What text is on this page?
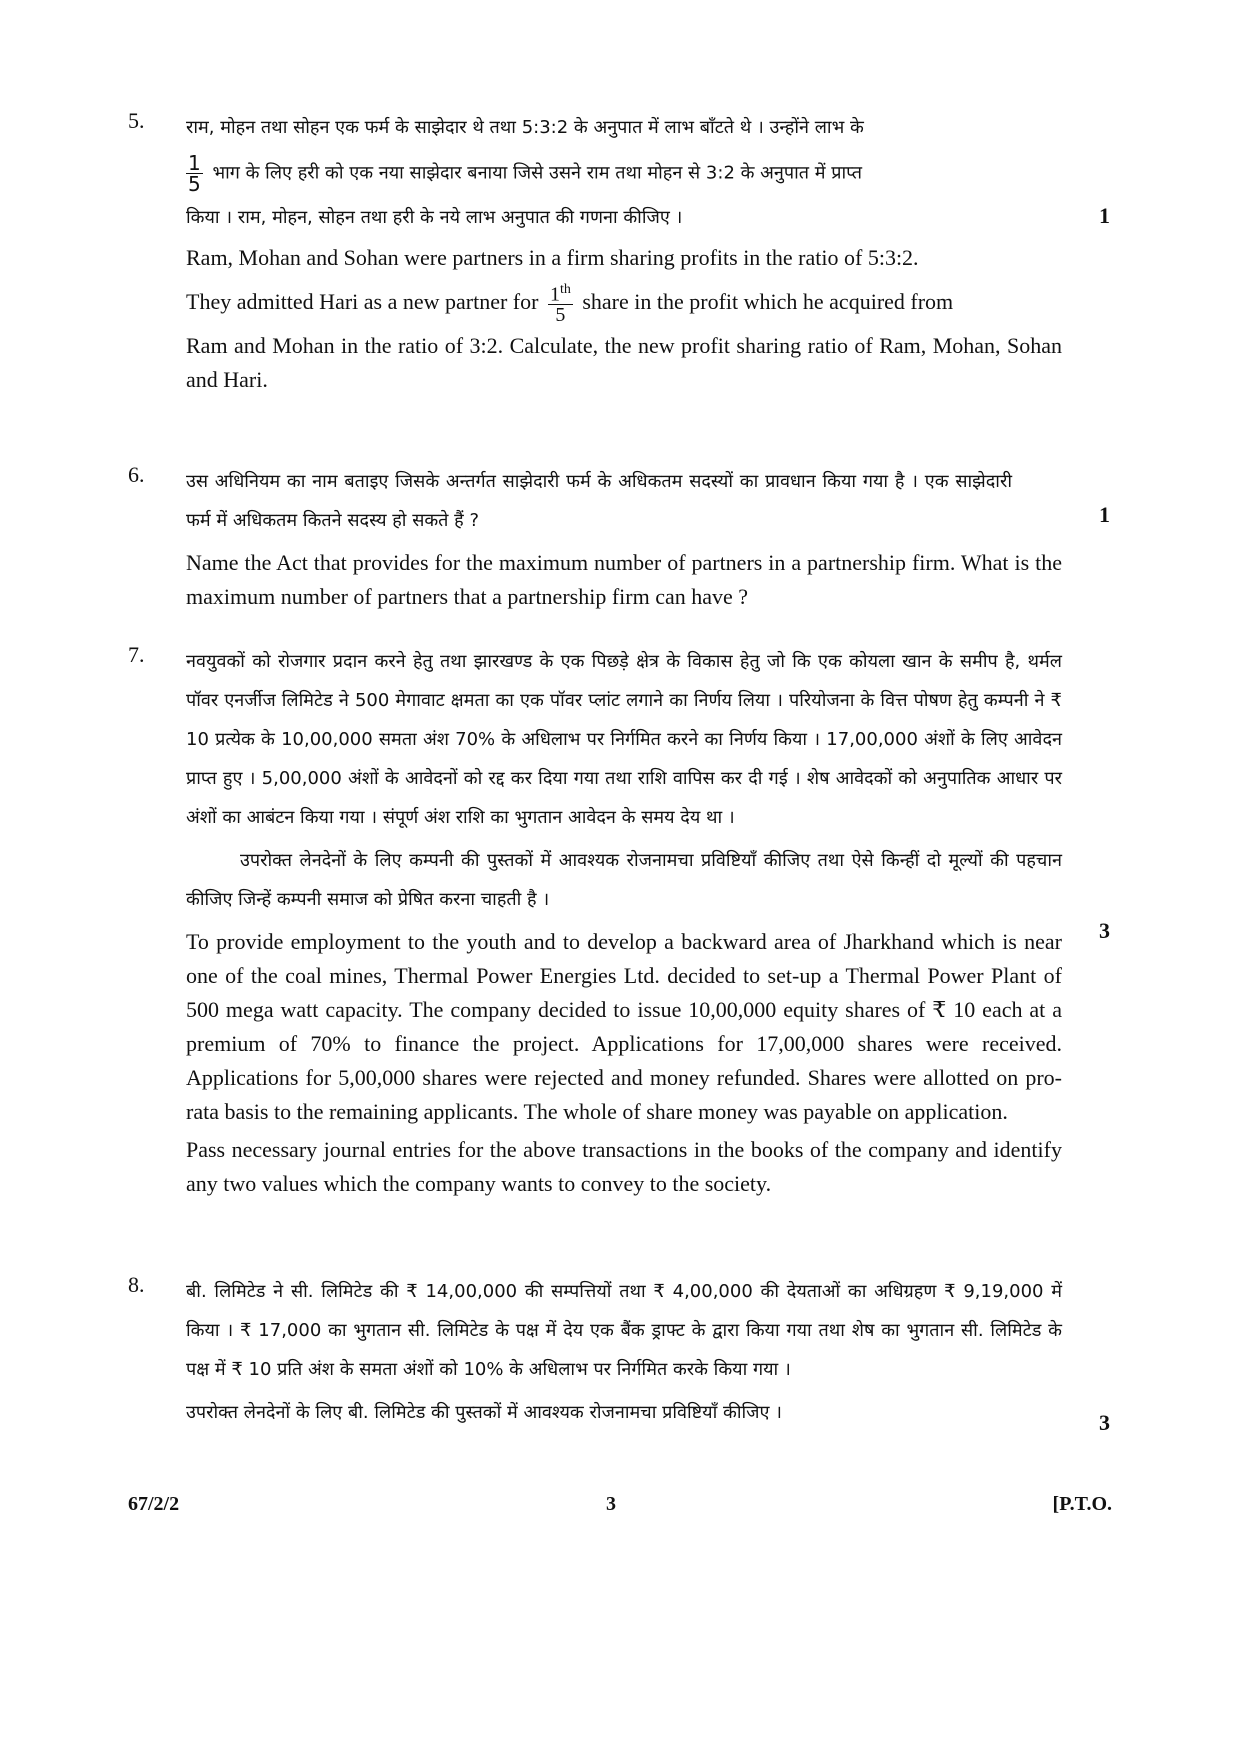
5.	राम, मोहन तथा सोहन एक फर्म के साझेदार थे तथा 5:3:2 के अनुपात में लाभ बाँटते थे । उन्होंने लाभ के

$\frac{1}{5}$ भाग के लिए हरी को एक नया साझेदार बनाया जिसे उसने राम तथा मोहन से 3:2 के अनुपात में प्राप्त

किया । राम, मोहन, सोहन तथा हरी के नये लाभ अनुपात की गणना कीजिए ।

Ram, Mohan and Sohan were partners in a firm sharing profits in the ratio of 5:3:2.

They admitted Hari as a new partner for $\frac{1^{th}}{5}$ share in the profit which he acquired from

Ram and Mohan in the ratio of 3:2. Calculate, the new profit sharing ratio of Ram, Mohan, Sohan and Hari.

1
6.	उस अधिनियम का नाम बताइए जिसके अन्तर्गत साझेदारी फर्म के अधिकतम सदस्यों का प्रावधान किया गया है । एक साझेदारी फर्म में अधिकतम कितने सदस्य हो सकते हैं ?

Name the Act that provides for the maximum number of partners in a partnership firm. What is the maximum number of partners that a partnership firm can have ?

1
7.	नवयुवकों को रोजगार प्रदान करने हेतु तथा झारखण्ड के एक पिछड़े क्षेत्र के विकास हेतु जो कि एक कोयला खान के समीप है, थर्मल पॉवर एनर्जीज लिमिटेड ने 500 मेगावाट क्षमता का एक पॉवर प्लांट लगाने का निर्णय लिया । परियोजना के वित्त पोषण हेतु कम्पनी ने ₹ 10 प्रत्येक के 10,00,000 समता अंश 70% के अधिलाभ पर निर्गमित करने का निर्णय किया । 17,00,000 अंशों के लिए आवेदन प्राप्त हुए । 5,00,000 अंशों के आवेदनों को रद्द कर दिया गया तथा राशि वापिस कर दी गई । शेष आवेदकों को अनुपातिक आधार पर अंशों का आबंटन किया गया । संपूर्ण अंश राशि का भुगतान आवेदन के समय देय था ।

उपरोक्त लेनदेनों के लिए कम्पनी की पुस्तकों में आवश्यक रोजनामचा प्रविष्टियाँ कीजिए तथा ऐसे किन्हीं दो मूल्यों की पहचान कीजिए जिन्हें कम्पनी समाज को प्रेषित करना चाहती है ।

To provide employment to the youth and to develop a backward area of Jharkhand which is near one of the coal mines, Thermal Power Energies Ltd. decided to set-up a Thermal Power Plant of 500 mega watt capacity. The company decided to issue 10,00,000 equity shares of ₹ 10 each at a premium of 70% to finance the project. Applications for 17,00,000 shares were received. Applications for 5,00,000 shares were rejected and money refunded. Shares were allotted on pro-rata basis to the remaining applicants. The whole of share money was payable on application.

Pass necessary journal entries for the above transactions in the books of the company and identify any two values which the company wants to convey to the society.

3
8.	बी. लिमिटेड ने सी. लिमिटेड की ₹ 14,00,000 की सम्पत्तियों तथा ₹ 4,00,000 की देयताओं का अधिग्रहण ₹ 9,19,000 में किया । ₹ 17,000 का भुगतान सी. लिमिटेड के पक्ष में देय एक बैंक ड्राफ्ट के द्वारा किया गया तथा शेष का भुगतान सी. लिमिटेड के पक्ष में ₹ 10 प्रति अंश के समता अंशों को 10% के अधिलाभ पर निर्गमित करके किया गया ।

उपरोक्त लेनदेनों के लिए बी. लिमिटेड की पुस्तकों में आवश्यक रोजनामचा प्रविष्टियाँ कीजिए ।	3
67/2/2	3	[P.T.O.
